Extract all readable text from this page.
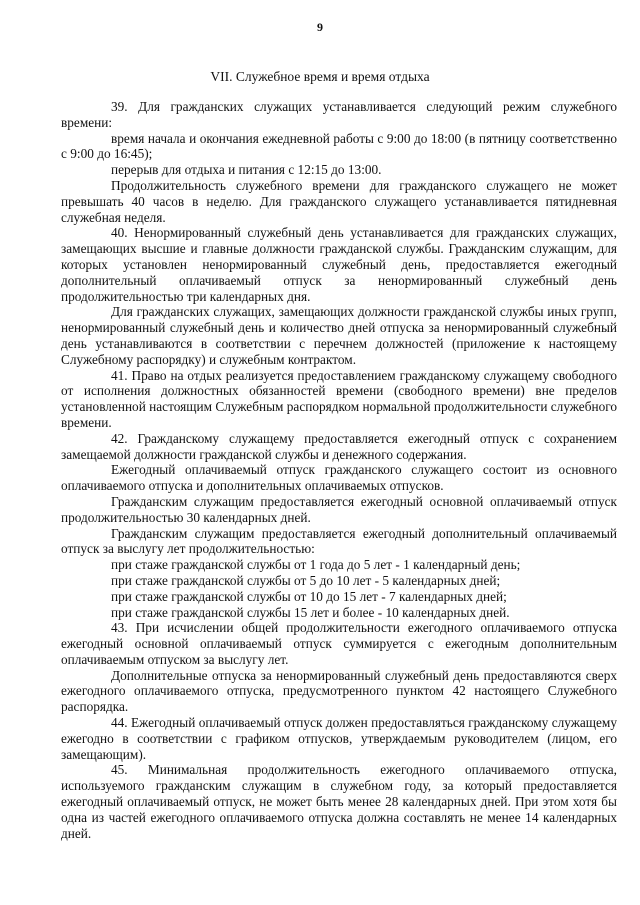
9
VII. Служебное время и время отдыха

39. Для гражданских служащих устанавливается следующий режим служебного времени:

время начала и окончания ежедневной работы с 9:00 до 18:00 (в пятницу соответственно с 9:00 до 16:45);

перерыв для отдыха и питания с 12:15 до 13:00.

Продолжительность служебного времени для гражданского служащего не может превышать 40 часов в неделю. Для гражданского служащего устанавливается пятидневная служебная неделя.

40. Ненормированный служебный день устанавливается для гражданских служащих, замещающих высшие и главные должности гражданской службы. Гражданским служащим, для которых установлен ненормированный служебный день, предоставляется ежегодный дополнительный оплачиваемый отпуск за ненормированный служебный день продолжительностью три календарных дня.

Для гражданских служащих, замещающих должности гражданской службы иных групп, ненормированный служебный день и количество дней отпуска за ненормированный служебный день устанавливаются в соответствии с перечнем должностей (приложение к настоящему Служебному распорядку) и служебным контрактом.

41. Право на отдых реализуется предоставлением гражданскому служащему свободного от исполнения должностных обязанностей времени (свободного времени) вне пределов установленной настоящим Служебным распорядком нормальной продолжительности служебного времени.

42. Гражданскому служащему предоставляется ежегодный отпуск с сохранением замещаемой должности гражданской службы и денежного содержания.

Ежегодный оплачиваемый отпуск гражданского служащего состоит из основного оплачиваемого отпуска и дополнительных оплачиваемых отпусков.

Гражданским служащим предоставляется ежегодный основной оплачиваемый отпуск продолжительностью 30 календарных дней.

Гражданским служащим предоставляется ежегодный дополнительный оплачиваемый отпуск за выслугу лет продолжительностью:

при стаже гражданской службы от 1 года до 5 лет - 1 календарный день;

при стаже гражданской службы от 5 до 10 лет - 5 календарных дней;

при стаже гражданской службы от 10 до 15 лет - 7 календарных дней;

при стаже гражданской службы 15 лет и более - 10 календарных дней.

43. При исчислении общей продолжительности ежегодного оплачиваемого отпуска ежегодный основной оплачиваемый отпуск суммируется с ежегодным дополнительным оплачиваемым отпуском за выслугу лет.

Дополнительные отпуска за ненормированный служебный день предоставляются сверх ежегодного оплачиваемого отпуска, предусмотренного пунктом 42 настоящего Служебного распорядка.

44. Ежегодный оплачиваемый отпуск должен предоставляться гражданскому служащему ежегодно в соответствии с графиком отпусков, утверждаемым руководителем (лицом, его замещающим).

45. Минимальная продолжительность ежегодного оплачиваемого отпуска, используемого гражданским служащим в служебном году, за который предоставляется ежегодный оплачиваемый отпуск, не может быть менее 28 календарных дней. При этом хотя бы одна из частей ежегодного оплачиваемого отпуска должна составлять не менее 14 календарных дней.
